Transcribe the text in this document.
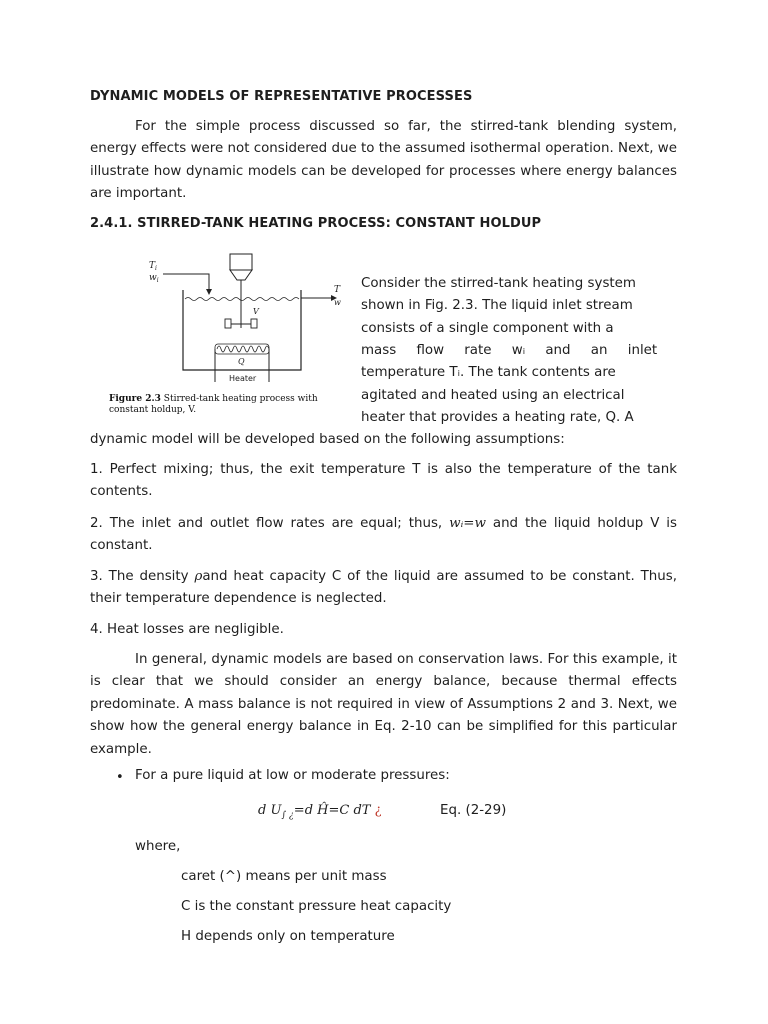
DYNAMIC MODELS OF REPRESENTATIVE PROCESSES
For the simple process discussed so far, the stirred-tank blending system, energy effects were not considered due to the assumed isothermal operation. Next, we illustrate how dynamic models can be developed for processes where energy balances are important.
2.4.1. STIRRED-TANK HEATING PROCESS: CONSTANT HOLDUP
$T_i$
$w_i$
T
w
V
Q
Heater
Figure 2.3 Stirred-tank heating process with constant holdup, V.
Consider the stirred-tank heating system
shown in Fig. 2.3. The liquid inlet stream
consists of a single component with a
mass flow rate wᵢ and an inlet
temperature Tᵢ. The tank contents are
agitated and heated using an electrical
heater that provides a heating rate, Q. A
dynamic model will be developed based on the following assumptions:
1. Perfect mixing; thus, the exit temperature T is also the temperature of the tank contents.
2. The inlet and outlet flow rates are equal; thus, wᵢ=w and the liquid holdup V is constant.
3. The density ρand heat capacity C of the liquid are assumed to be constant. Thus, their temperature dependence is neglected.
4. Heat losses are negligible.
In general, dynamic models are based on conservation laws. For this example, it is clear that we should consider an energy balance, because thermal effects predominate. A mass balance is not required in view of Assumptions 2 and 3. Next, we show how the general energy balance in Eq. 2-10 can be simplified for this particular example.
• For a pure liquid at low or moderate pressures:
d $U_{\int ¿}=d$ Ĥ=C dT ¿	Eq. (2-29)
where,
caret (^) means per unit mass
C is the constant pressure heat capacity
H depends only on temperature
